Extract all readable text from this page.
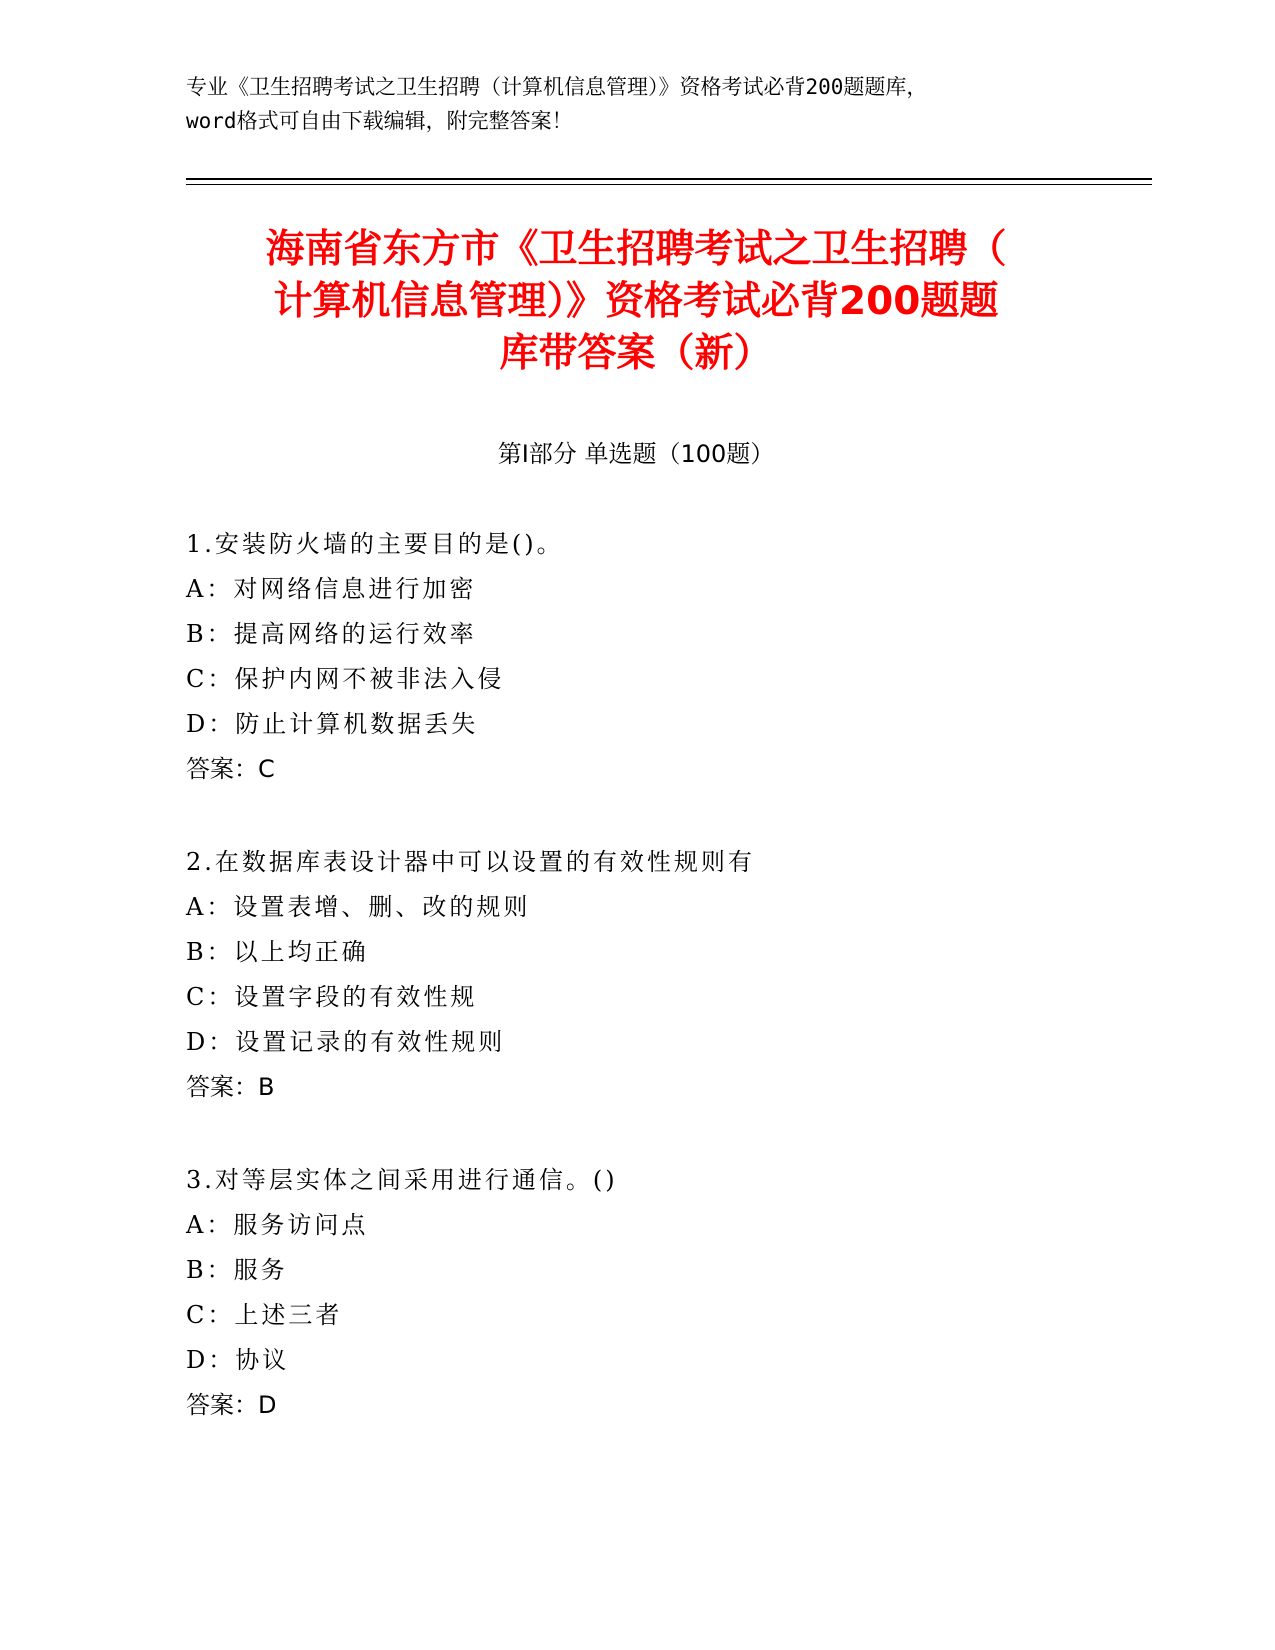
专业《卫生招聘考试之卫生招聘（计算机信息管理）》资格考试必背200题题库，
word格式可自由下载编辑，附完整答案！
海南省东方市《卫生招聘考试之卫生招聘（
计算机信息管理）》资格考试必背200题题
库带答案（新）
第Ⅰ部分 单选题（100题）
1.安装防火墙的主要目的是()。
A：对网络信息进行加密
B：提高网络的运行效率
C：保护内网不被非法入侵
D：防止计算机数据丢失
答案：C
2.在数据库表设计器中可以设置的有效性规则有
A：设置表增、删、改的规则
B：以上均正确
C：设置字段的有效性规
D：设置记录的有效性规则
答案：B
3.对等层实体之间采用进行通信。()
A：服务访问点
B：服务
C：上述三者
D：协议
答案：D
